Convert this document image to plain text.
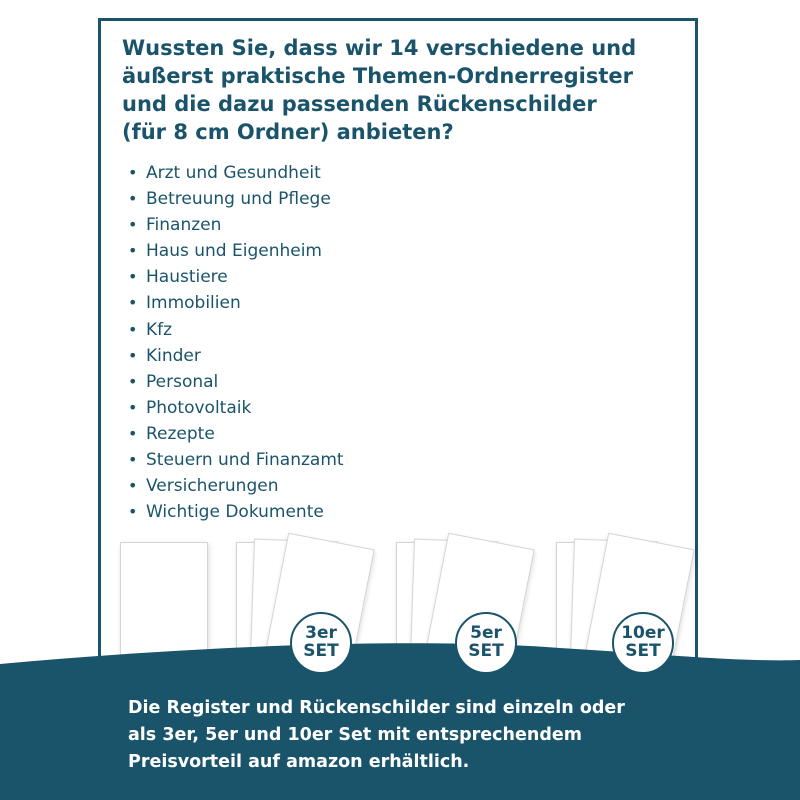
Wussten Sie, dass wir 14 verschiedene und
äußerst praktische Themen-Ordnerregister
und die dazu passenden Rückenschilder
(für 8 cm Ordner) anbieten?
• Arzt und Gesundheit
• Betreuung und Pflege
• Finanzen
• Haus und Eigenheim
• Haustiere
• Immobilien
• Kfz
• Kinder
• Personal
• Photovoltaik
• Rezepte
• Steuern und Finanzamt
• Versicherungen
• Wichtige Dokumente
3er
SET
5er
SET
10er
SET

Die Register und Rückenschilder sind einzeln oder
als 3er, 5er und 10er Set mit entsprechendem
Preisvorteil auf amazon erhältlich.
